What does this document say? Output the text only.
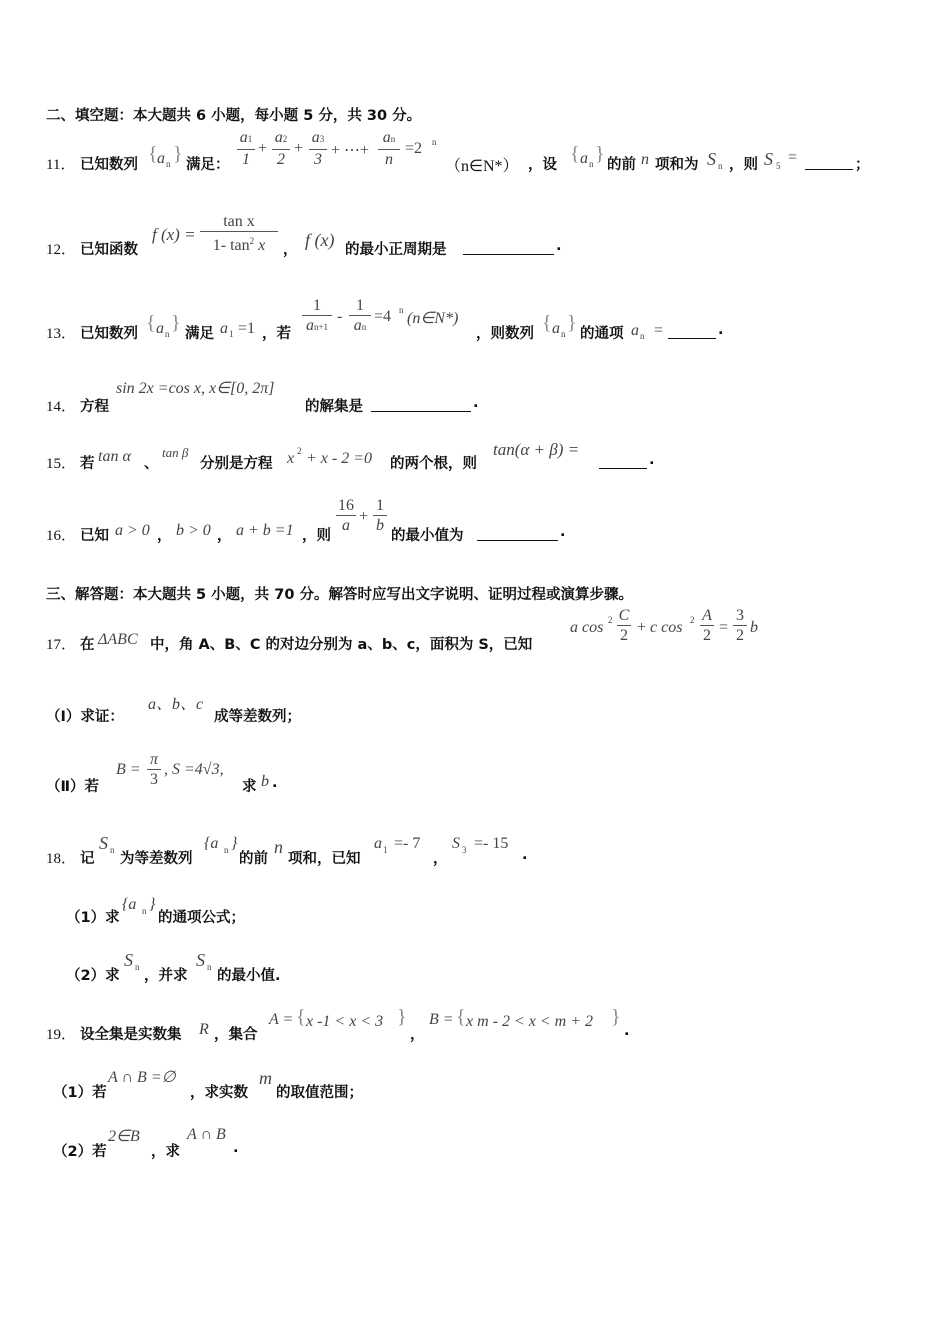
二、填空题：本大题共 6 小题，每小题 5 分，共 30 分。
11． 已知数列 { a n } 满足：
a1
1
+
a2
2
+
a3
3
+ ⋯+
an
n
=2 n
（n∈N*） ，设 { a n } 的前 n 项和为 S n ，则 S 5 =	；
12． 已知函数
f (x) =
tan x
1- $\tan^2 x$	， f (x) 的最小正周期是	.
13． 已知数列 { a n } 满足 a 1 =1 ，若
1
an+1
-
1
an
=4 n (n∈N*)
，则数列 { a n } 的通项 a n =	.
14． 方程
sin 2x =cos x, x∈[0, 2π]
的解集是	.
15． 若 tan α 、
tan β
分别是方程 x 2 + x - 2 =0 的两个根，则
tan(α + β) =
.
16． 已知 a > 0 ， b > 0 ， a + b =1 ，则
16
a
+
1
b
的最小值为	.
三、解答题：本大题共 5 小题，共 70 分。解答时应写出文字说明、证明过程或演算步骤。
17． 在 ΔABC 中，角 A、B、C 的对边分别为 a、b、c，面积为 S，已知
a cos 2 C
2 + c cos 2 A
2 =
3
2 b
（Ⅰ）求证：
a、b、c
成等差数列；
（Ⅱ）若
B =
π
3
, S =4√3,
求 b .
18． 记
S n
为等差数列
{a n }
的前
n
项和，已知
a 1 =- 7
，
S 3 =- 15
.
（1）求
{a n }
的通项公式；
（2）求
S n
，并求
S n
的最小值.
19． 设全集是实数集 R ，集合
A = { x -1 < x < 3 }
，
B = { x m - 2 < x < m + 2 }
.
（1）若
A ∩ B =∅
，求实数
m
的取值范围；
（2）若
2∈B
，求
A ∩ B
.
